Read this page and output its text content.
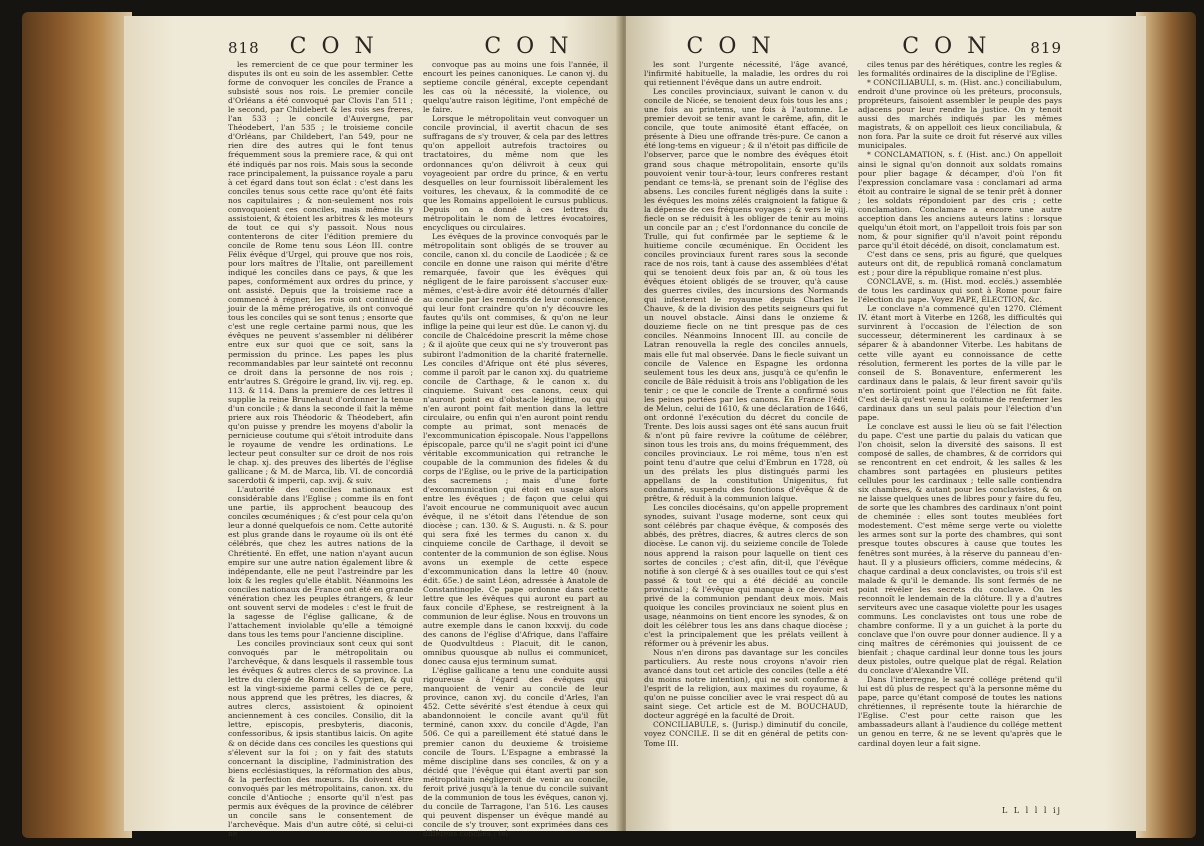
818	C O N	C O N

les remercient de ce que pour terminer les disputes ils ont eu soin de les assembler. Cette forme de convoquer les conciles de France a subsisté sous nos rois. Le premier concile d'Orléans a été convoqué par Clovis l'an 511 ; le second, par Childebert & les rois ses freres, l'an 533 ; le concile d'Auvergne, par Théodebert, l'an 535 ; le troisieme concile d'Orléans, par Childebert, l'an 549, pour ne rien dire des autres qui le font tenus fréquemment sous la premiere race, & qui ont été indiqués par nos rois. Mais sous la seconde race principalement, la puissance royale a paru à cet égard dans tout son éclat : c'est dans les conciles tenus sous cette race qu'ont été faits nos capitulaires ; & non-seulement nos rois convoquoient ces conciles, mais même ils y assistoient, & étoient les arbitres & les moteurs de tout ce qui s'y passoit. Nous nous contenterons de citer l'édition premiere du concile de Rome tenu sous Léon III. contre Félix évêque d'Urgel, qui prouve que nos rois, pour lors maîtres de l'Italie, ont pareillement indiqué les conciles dans ce pays, & que les papes, conformément aux ordres du prince, y ont assisté. Depuis que la troisieme race a commencé à régner, les rois ont continué de jouir de la même prérogative, ils ont convoqué tous les conciles qui se sont tenus ; ensorte que c'est une regle certaine parmi nous, que les évêques ne peuvent s'assembler ni délibérer entre eux sur quoi que ce soit, sans la permission du prince. Les papes les plus recommandables par leur sainteté ont reconnu ce droit dans la personne de nos rois ; entr'autres S. Grégoire le grand, liv. vij. reg. ep. 113. & 114. Dans la premiere de ces lettres il supplie la reine Brunehaut d'ordonner la tenue d'un concile ; & dans la seconde il fait la même priere aux rois Théodoric & Théodebert, afin qu'on puisse y prendre les moyens d'abolir la pernicieuse coutume qui s'étoit introduite dans le royaume de vendre les ordinations. Le lecteur peut consulter sur ce droit de nos rois le chap. xj. des preuves des libertés de l'église gallicane ; & M. de Marca, lib. VI. de concordiâ sacerdotii & imperii, cap. xvij. & suiv.

L'autorité des conciles nationaux est considérable dans l'Eglise ; comme ils en font une partie, ils approchent beaucoup des conciles œcuméniques ; & c'est pour cela qu'on leur a donné quelquefois ce nom. Cette autorité est plus grande dans le royaume où ils ont été célébrés, que chez les autres nations de la Chrétienté. En effet, une nation n'ayant aucun empire sur une autre nation également libre & indépendante, elle ne peut l'astreindre par les loix & les regles qu'elle établit. Néanmoins les conciles nationaux de France ont été en grande vénération chez les peuples étrangers, & leur ont souvent servi de modeles : c'est le fruit de la sagesse de l'église gallicane, & de l'attachement inviolable qu'elle a témoigné dans tous les tems pour l'ancienne discipline.

Les conciles provinciaux sont ceux qui sont convoqués par le métropolitain ou l'archevêque, & dans lesquels il rassemble tous les évêques & autres clercs de sa province. La lettre du clergé de Rome à S. Cyprien, & qui est la vingt-sixieme parmi celles de ce pere, nous apprend que les prêtres, les diacres, & autres clercs, assistoient & opinoient anciennement à ces conciles. Consilio, dit la lettre, episcopis, presbyteris, diaconis, confessoribus, & ipsis stantibus laicis. On agite & on décide dans ces conciles les questions qui s'élevent sur la foi ; on y fait des statuts concernant la discipline, l'administration des biens ecclésiastiques, la réformation des abus, & la perfection des mœurs. Ils doivent être convoqués par les métropolitains, canon. xx. du concile d'Antioche ; ensorte qu'il n'est pas permis aux évêques de la province de célébrer un concile sans le consentement de l'archevêque. Mais d'un autre côté, si celui-ci ne

convoque pas au moins une fois l'année, il encourt les peines canoniques. Le canon vj. du septieme concile général, excepte cependant les cas où la nécessité, la violence, ou quelqu'autre raison légitime, l'ont empêché de le faire.

Lorsque le métropolitain veut convoquer un concile provincial, il avertit chacun de ses suffragans de s'y trouver, & cela par des lettres qu'on appelloit autrefois tractoires ou tractatoires, du même nom que les ordonnances qu'on délivroit à ceux qui voyageoient par ordre du prince, & en vertu desquelles on leur fournissoit libéralement les voitures, les chevaux, & la commodité de ce que les Romains appelloient le cursus publicus. Depuis on a donné à ces lettres du métropolitain le nom de lettres évocatoires, encycliques ou circulaires.

Les évêques de la province convoqués par le métropolitain sont obligés de se trouver au concile, canon xl. du concile de Laodicée ; & ce concile en donne une raison qui mérite d'être remarquée, favoir que les évêques qui négligent de le faire paroissent s'accuser eux-mêmes, c'est-à-dire avoir été détournés d'aller au concile par les remords de leur conscience, qui leur font craindre qu'on n'y découvre les fautes qu'ils ont commises, & qu'on ne leur inflige la peine qui leur est dûe. Le canon vj. du concile de Chalcédoine prescrit la même chose ; & il ajoûte que ceux qui ne s'y trouveront pas subiront l'admonition de la charité fraternelle. Les conciles d'Afrique ont été plus séveres, comme il paroît par le canon xxj. du quatrieme concile de Carthage, & le canon x. du cinquieme. Suivant ces canons, ceux qui n'auront point eu d'obstacle légitime, ou qui n'en auront point fait mention dans la lettre circulaire, ou enfin qui n'en auront point rendu compte au primat, sont menacés de l'excommunication épiscopale. Nous l'appellons épiscopale, parce qu'il ne s'agit point ici d'une véritable excommunication qui retranche le coupable de la communion des fideles & du corps de l'Eglise, ou le prive de la participation des sacremens ; mais d'une forte d'excommunication qui étoit en usage alors entre les évêques ; de façon que celui qui l'avoit encourue ne communiquoit avec aucun évêque, il ne s'étoit dans l'étendue de son diocèse ; can. 130. & S. Augusti. n. & S. pour qui sera fixé les termes du canon x. du cinquieme concile de Carthage, il devoit se contenter de la communion de son église. Nous avons un exemple de cette espece d'excommunication dans la lettre 40 (nouv. édit. 65e.) de saint Léon, adressée à Anatole de Constantinople. Ce pape ordonne dans cette lettre que les évêques qui auront eu part au faux concile d'Ephese, se restreignent à la communion de leur église. Nous en trouvons un autre exemple dans le canon lxxxvij. du code des canons de l'église d'Afrique, dans l'affaire de Quodvultdeus : Placuit, dit le canon, omnibus quousque ab nullus ei communicet, donec causa ejus terminum sumat.

L'église gallicane a tenu une conduite aussi rigoureuse à l'égard des évêques qui manquoient de venir au concile de leur province, canon xvj. du concile d'Arles, l'an 452. Cette sévérité s'est étendue à ceux qui abandonnoient le concile avant qu'il fût terminé, canon xxxv. du concile d'Agde, l'an 506. Ce qui a pareillement été statué dans le premier canon du deuxieme & troisieme concile de Tours. L'Espagne a embrassé la même discipline dans ses conciles, & on y a décidé que l'évêque qui étant averti par son métropolitain négligeroit de venir au concile, feroit privé jusqu'à la tenue du concile suivant de la communion de tous les évêques, canon vj. du concile de Tarragone, l'an 516. Les causes qui peuvent dispenser un évêque mandé au concile de s'y trouver, sont exprimées dans ces différens conciles : tel-

C O N	C O N	819

les sont l'urgente nécessité, l'âge avancé, l'infirmité habituelle, la maladie, les ordres du roi qui retiennent l'évêque dans un autre endroit.

Les conciles provinciaux, suivant le canon v. du concile de Nicée, se tenoient deux fois tous les ans ; une fois au printems, une fois à l'automne. Le premier devoit se tenir avant le carême, afin, dit le concile, que toute animosité étant effacée, on présente à Dieu une offrande très-pure. Ce canon a été long-tems en vigueur ; & il n'étoit pas difficile de l'observer, parce que le nombre des évêques étoit grand sous chaque métropolitain, ensorte qu'ils pouvoient venir tour-à-tour, leurs confreres restant pendant ce tems-là, se prenant soin de l'église des absens. Les conciles furent négligés dans la suite : les évêques les moins zélés craignoient la fatigue & la dépense de ces fréquens voyages ; & vers le viij. fiecle on se réduisit à les obliger de tenir au moins un concile par an ; c'est l'ordonnance du concile de Trulle, qui fut confirmée par le septieme & le huitieme concile œcuménique. En Occident les conciles provinciaux furent rares sous la seconde race de nos rois, tant à cause des assemblées d'état qui se tenoient deux fois par an, & où tous les évêques étoient obligés de se trouver, qu'à cause des guerres civiles, des incursions des Normands qui infesterent le royaume depuis Charles le Chauve, & de la division des petits seigneurs qui fut un nouvel obstacle. Ainsi dans le onzieme & douzieme fiecle on ne tint presque pas de ces conciles. Néanmoins Innocent III. au concile de Latran renouvella la regle des conciles annuels, mais elle fut mal observée. Dans le fiecle suivant un concile de Valence en Espagne les ordonna seulement tous les deux ans, jusqu'à ce qu'enfin le concile de Bâle réduisit à trois ans l'obligation de les tenir ; ce que le concile de Trente a confirmé sous les peines portées par les canons. En France l'édit de Melun, celui de 1610, & une déclaration de 1646, ont ordonné l'exécution du décret du concile de Trente. Des lois aussi sages ont été sans aucun fruit & n'ont pû faire revivre la coûtume de célébrer, sinon tous les trois ans, du moins fréquemment, des conciles provinciaux. Le roi même, tous n'en est point tenu d'autre que celui d'Embrun en 1728, où un des prélats les plus distingués parmi les appellans de la constitution Unigenitus, fut condamné, suspendu des fonctions d'évêque & de prêtre, & réduit à la communion laïque.

Les conciles diocésains, qu'on appelle proprement synodes, suivant l'usage moderne, sont ceux qui sont célébrés par chaque évêque, & composés des abbés, des prêtres, diacres, & autres clercs de son diocèse. Le canon vij. du seizieme concile de Tolede nous apprend la raison pour laquelle on tient ces sortes de conciles ; c'est afin, dit-il, que l'évêque notifie à son clergé & à ses ouailles tout ce qui s'est passé & tout ce qui a été décidé au concile provincial ; & l'évêque qui manque à ce devoir est privé de la communion pendant deux mois. Mais quoique les conciles provinciaux ne soient plus en usage, néanmoins on tient encore les synodes, & on doit les célébrer tous les ans dans chaque diocèse ; c'est la principalement que les prélats veillent à réformer ou à prévenir les abus.

Nous n'en dirons pas davantage sur les conciles particuliers. Au reste nous croyons n'avoir rien avancé dans tout cet article des conciles (telle a été du moins notre intention), qui ne soit conforme à l'esprit de la religion, aux maximes du royaume, & qu'on ne puisse concilier avec le vrai respect dû au saint siege. Cet article est de M. BOUCHAUD, docteur aggrégé en la faculté de Droit.

CONCILIABULE, s. (Jurisp.) diminutif du concile, voyez CONCILE. Il se dit en général de petits con- Tome III.

ciles tenus par des hérétiques, contre les regles & les formalités ordinaires de la discipline de l'Eglise.

* CONCILIABULI, s. m. (Hist. anc.) conciliabulum, endroit d'une province où les préteurs, proconsuls, propréteurs, faisoient assembler le peuple des pays adjacens pour leur rendre la justice. On y tenoit aussi des marchés indiqués par les mêmes magistrats, & on appelloit ces lieux conciliabula, & non fora. Par la suite ce droit fut réservé aux villes municipales.

* CONCLAMATION, s. f. (Hist. anc.) On appelloit ainsi le signal qu'on donnoit aux soldats romains pour plier bagage & décamper, d'où l'on fit l'expression conclamare vasa : conclamari ad arma étoit au contraire le signal de se tenir prêt à donner ; les soldats répondoient par des cris ; cette conclamation. Conclamare a encore une autre acception dans les anciens auteurs latins : lorsque quelqu'un étoit mort, on l'appelloit trois fois par son nom, & pour signifier qu'il n'avoit point répondu parce qu'il étoit décédé, on disoit, conclamatum est.

C'est dans ce sens, pris au figuré, que quelques auteurs ont dit, de republicâ romanâ conclamatum est ; pour dire la république romaine n'est plus.

CONCLAVE, s. m. (Hist. mod. ecclés.) assemblée de tous les cardinaux qui sont à Rome pour faire l'élection du pape. Voyez PAPE, ÉLECTION, &c.

Le conclave n'a commencé qu'en 1270. Clément IV. étant mort à Viterbe en 1268, les difficultés qui survinrent à l'occasion de l'élection de son successeur, déterminerent les cardinaux à se séparer & à abandonner Viterbe. Les habitans de cette ville ayant eu connoissance de cette résolution, fermerent les portes de la ville par le conseil de S. Bonaventure, enfermerent les cardinaux dans le palais, & leur firent savoir qu'ils n'en sortiroient point que l'élection ne fût faite. C'est de-là qu'est venu la coûtume de renfermer les cardinaux dans un seul palais pour l'élection d'un pape.

Le conclave est aussi le lieu où se fait l'élection du pape. C'est une partie du palais du vatican que l'on choisit, selon la diversité des saisons. Il est composé de salles, de chambres, & de corridors qui se rencontrent en cet endroit, & les salles & les chambres sont partagées en plusieurs petites cellules pour les cardinaux ; telle salle contiendra six chambres, & autant pour les conclavistes, & on ne laisse quelques unes de libres pour y faire du feu, de sorte que les chambres des cardinaux n'ont point de cheminée : elles sont toutes meublées fort modestement. C'est même serge verte ou violette les armes sont sur la porte des chambres, qui sont presque toutes obscures à cause que toutes les fenêtres sont murées, à la réserve du panneau d'en-haut. Il y a plusieurs officiers, comme médecins, & chaque cardinal a deux conclavistes, ou trois s'il est malade & qu'il le demande. Ils sont fermés de ne point révéler les secrets du conclave. On les reconnoît le lendemain de la clôture. Il y a d'autres serviteurs avec une casaque violette pour les usages communs. Les conclavistes ont tous une robe de chambre conforme. Il y a un guichet à la porte du conclave que l'on ouvre pour donner audience. Il y a cinq maîtres de cérémonies qui jouissent de ce bienfait ; chaque cardinal leur donne tous les jours deux pistoles, outre quelque plat de régal. Relation du conclave d'Alexandre VII.

Dans l'interregne, le sacré collége prétend qu'il lui est dû plus de respect qu'à la personne même du pape, parce qu'étant composé de toutes les nations chrétiennes, il représente toute la hiérarchie de l'Eglise. C'est pour cette raison que les ambassadeurs allant à l'audience du collége mettent un genou en terre, & ne se levent qu'après que le cardinal doyen leur a fait signe.

L L l l l ij
